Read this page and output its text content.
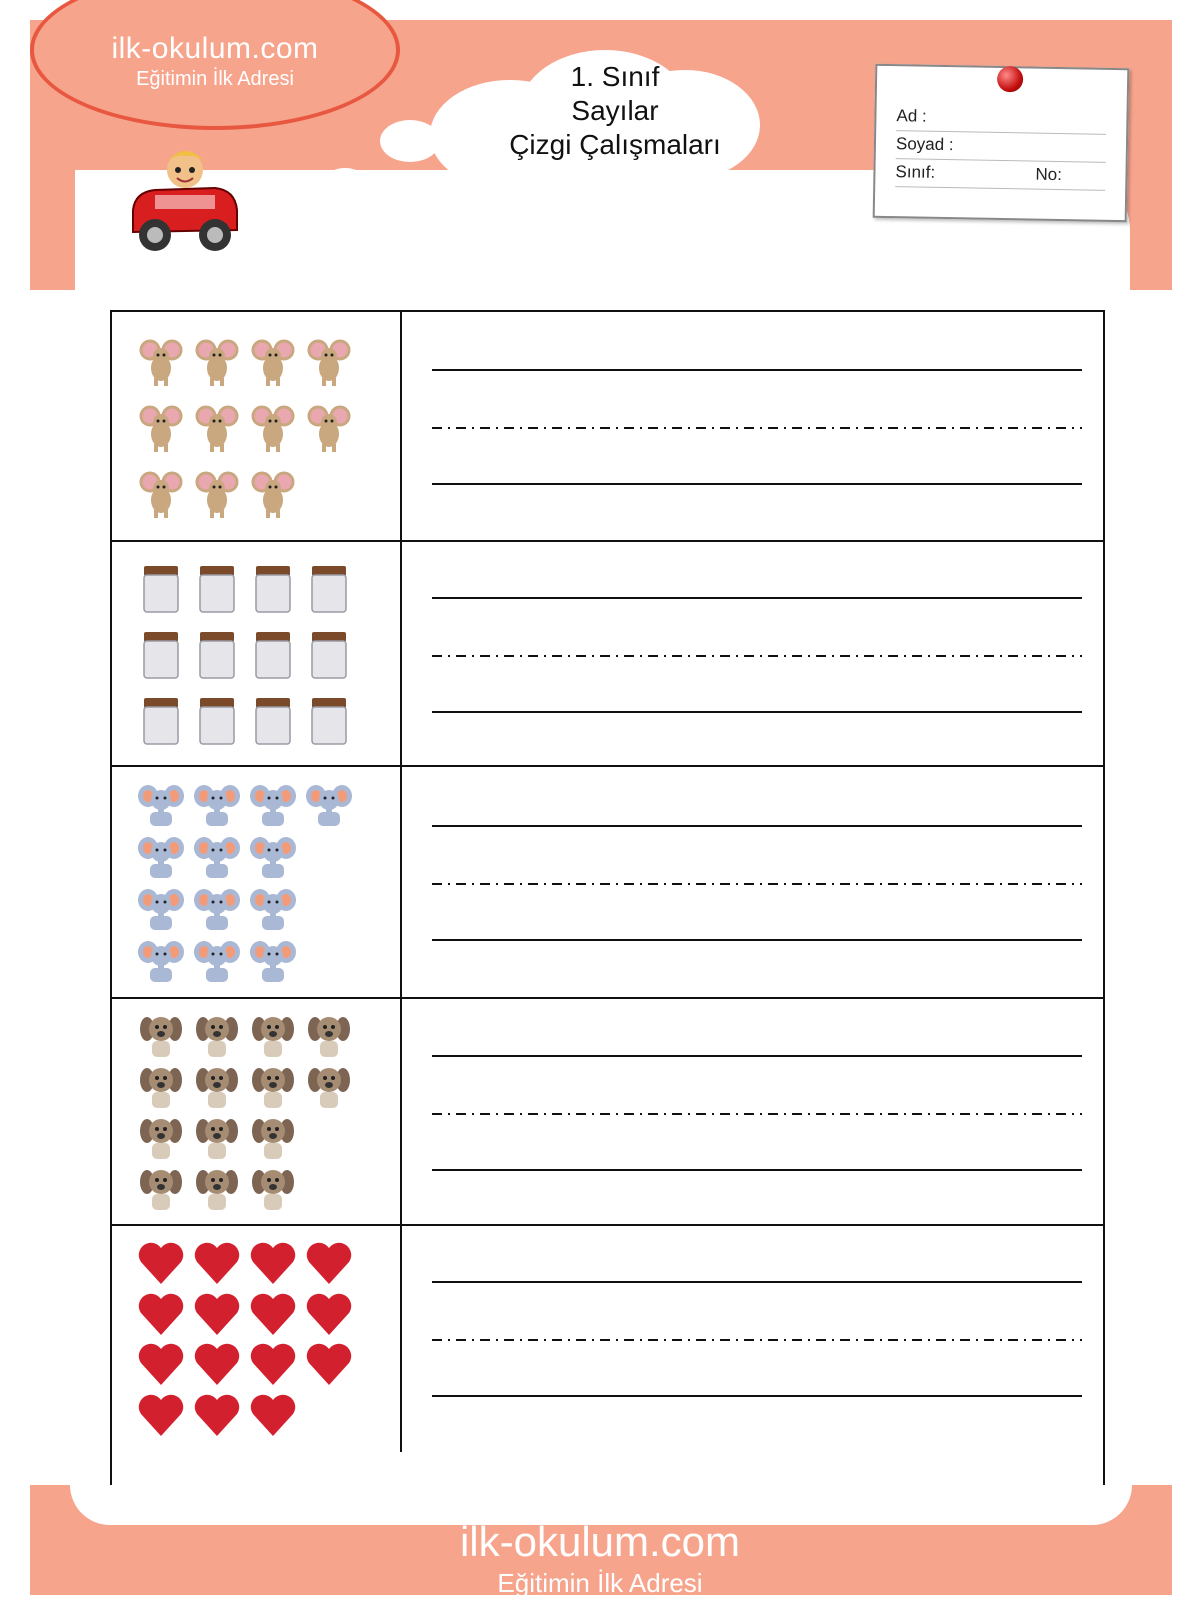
ilk-okulum.com
Eğitimin İlk Adresi	1. Sınıf
Sayılar
Çizgi Çalışmaları
Ad :
Soyad :
Sınıf:	No:
ilk-okulum.com
Eğitimin İlk Adresi
